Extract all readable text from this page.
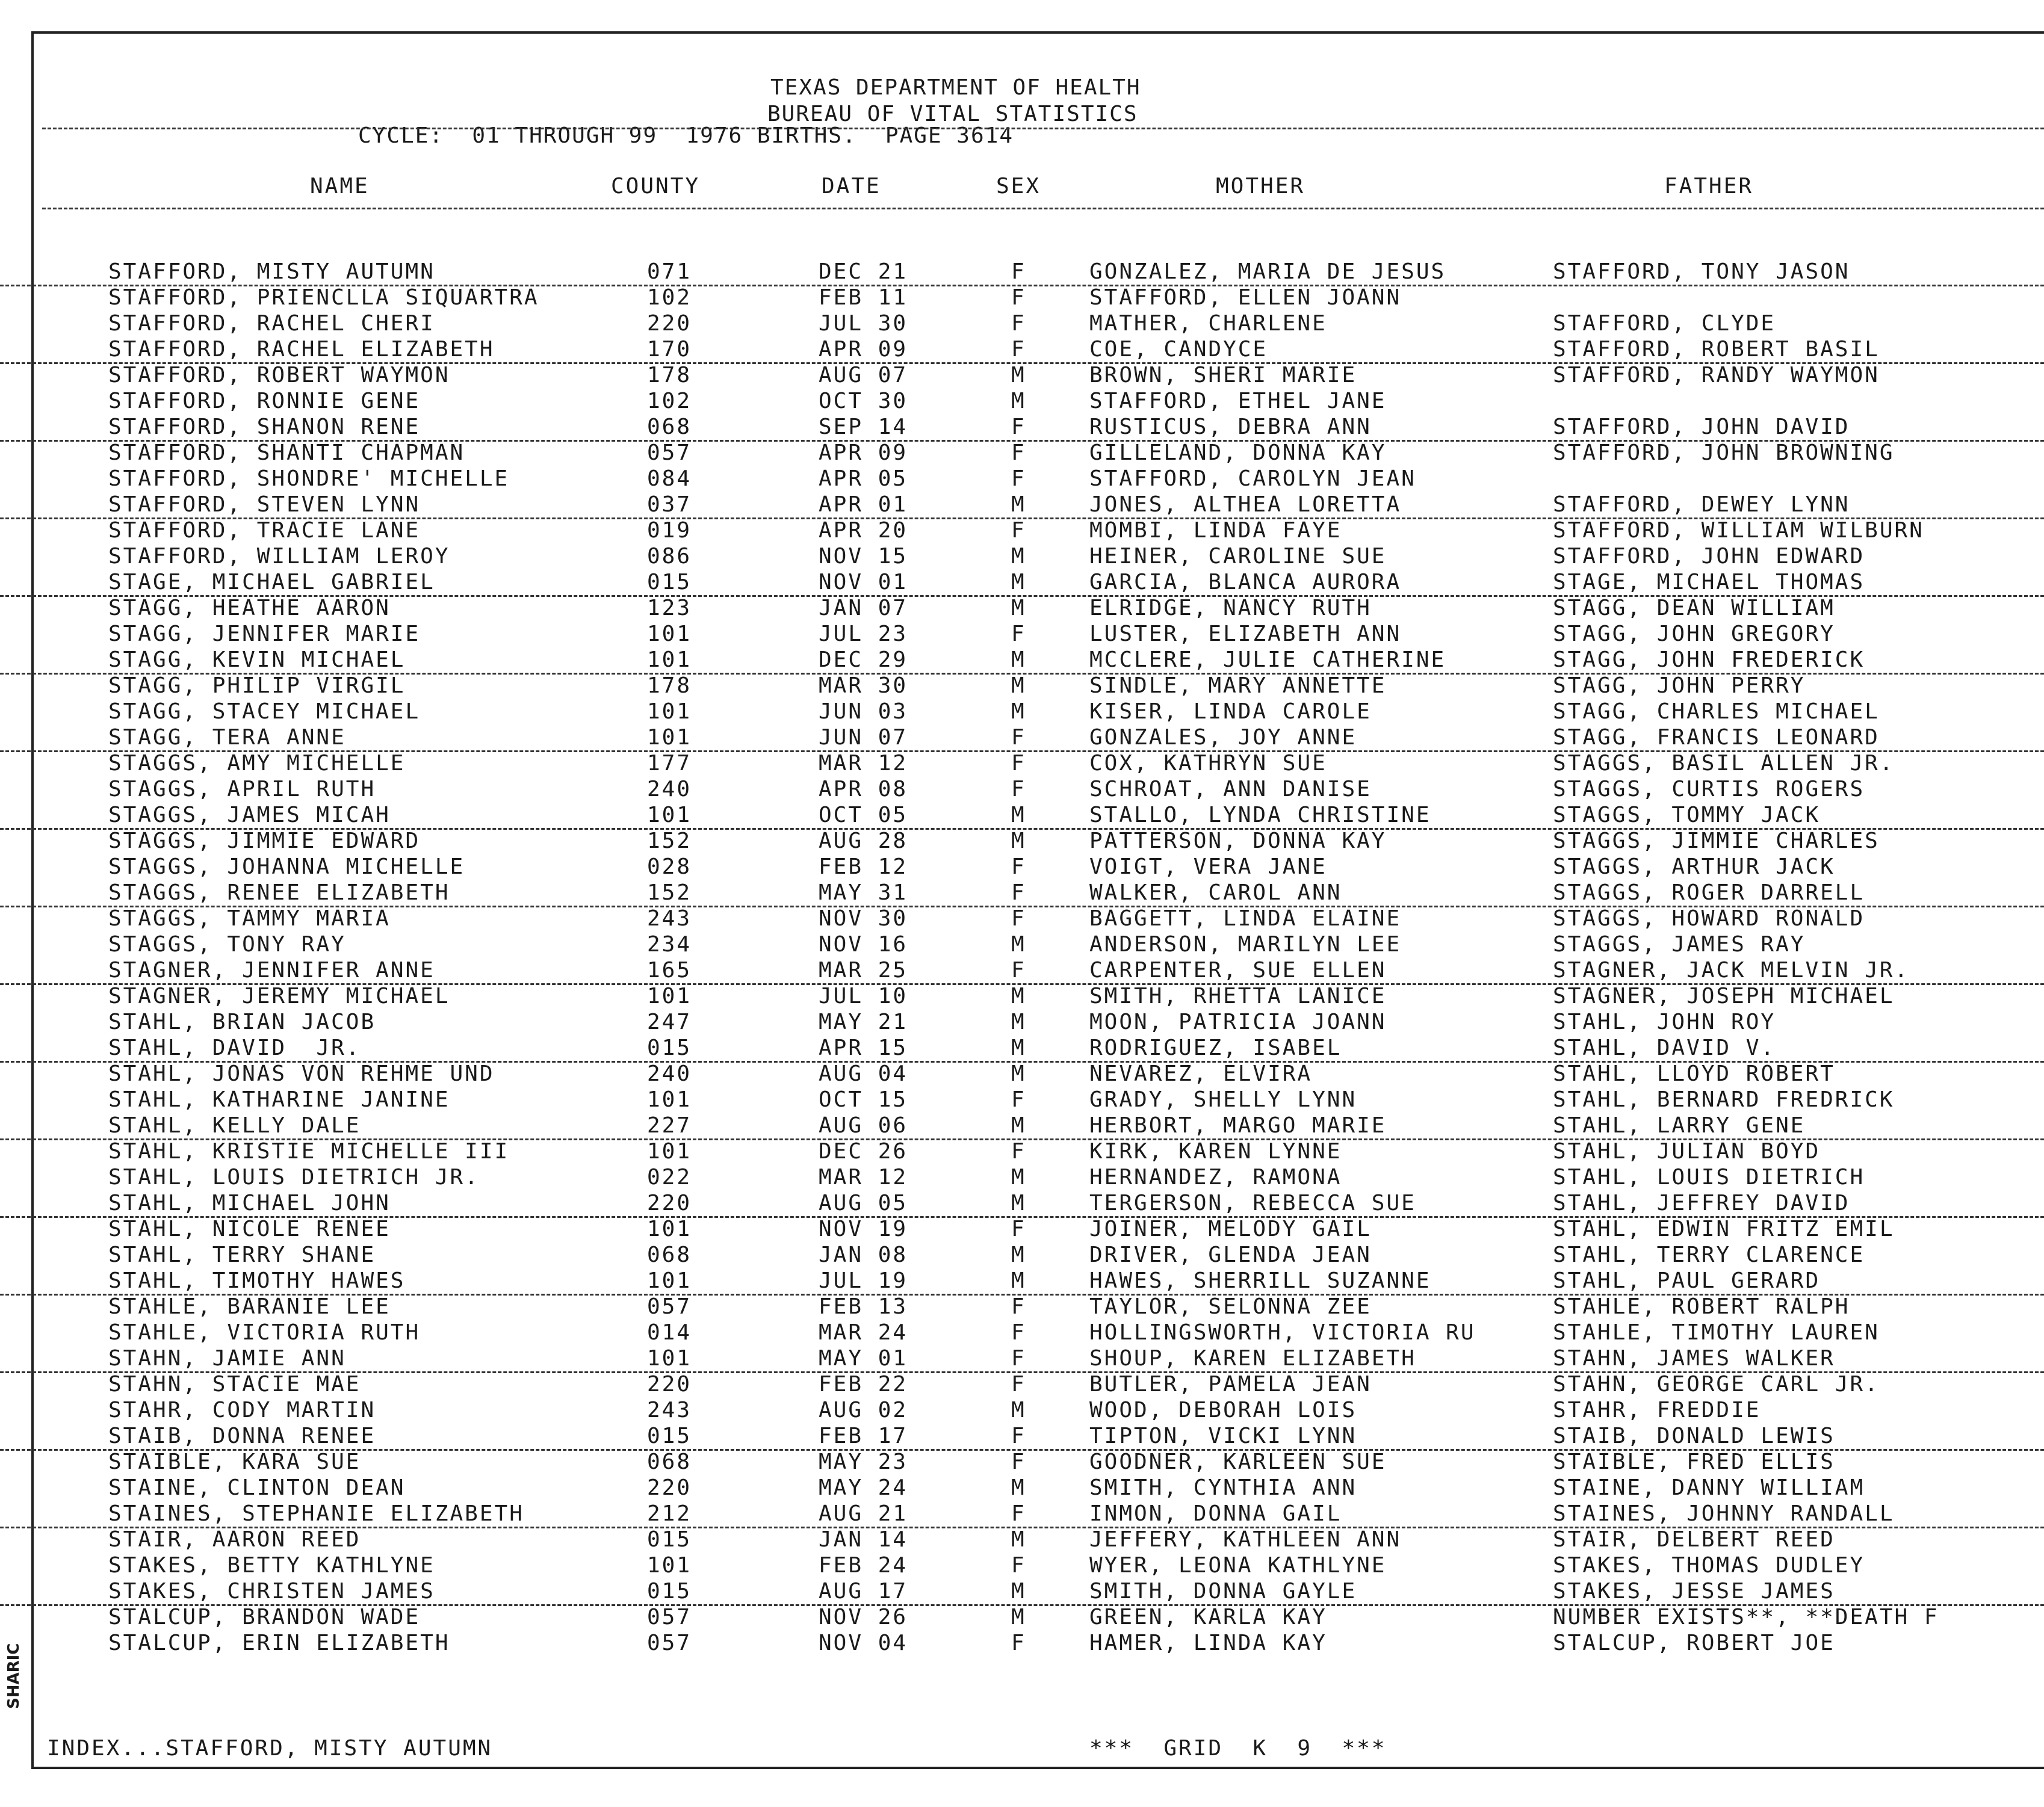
TEXAS DEPARTMENT OF HEALTH
BUREAU OF VITAL STATISTICS
CYCLE:  01 THROUGH 99  1976 BIRTHS.  PAGE 3614
NAME	COUNTY	DATE	SEX	MOTHER	FATHER
STAFFORD, MISTY AUTUMN	071	DEC 21	F	GONZALEZ, MARIA DE JESUS	STAFFORD, TONY JASON
STAFFORD, PRIENCLLA SIQUARTRA	102	FEB 11	F	STAFFORD, ELLEN JOANN
STAFFORD, RACHEL CHERI	220	JUL 30	F	MATHER, CHARLENE	STAFFORD, CLYDE
STAFFORD, RACHEL ELIZABETH	170	APR 09	F	COE, CANDYCE	STAFFORD, ROBERT BASIL
STAFFORD, ROBERT WAYMON	178	AUG 07	M	BROWN, SHERI MARIE	STAFFORD, RANDY WAYMON
STAFFORD, RONNIE GENE	102	OCT 30	M	STAFFORD, ETHEL JANE
STAFFORD, SHANON RENE	068	SEP 14	F	RUSTICUS, DEBRA ANN	STAFFORD, JOHN DAVID
STAFFORD, SHANTI CHAPMAN	057	APR 09	F	GILLELAND, DONNA KAY	STAFFORD, JOHN BROWNING
STAFFORD, SHONDRE' MICHELLE	084	APR 05	F	STAFFORD, CAROLYN JEAN
STAFFORD, STEVEN LYNN	037	APR 01	M	JONES, ALTHEA LORETTA	STAFFORD, DEWEY LYNN
STAFFORD, TRACIE LANE	019	APR 20	F	MOMBI, LINDA FAYE	STAFFORD, WILLIAM WILBURN
STAFFORD, WILLIAM LEROY	086	NOV 15	M	HEINER, CAROLINE SUE	STAFFORD, JOHN EDWARD
STAGE, MICHAEL GABRIEL	015	NOV 01	M	GARCIA, BLANCA AURORA	STAGE, MICHAEL THOMAS
STAGG, HEATHE AARON	123	JAN 07	M	ELRIDGE, NANCY RUTH	STAGG, DEAN WILLIAM
STAGG, JENNIFER MARIE	101	JUL 23	F	LUSTER, ELIZABETH ANN	STAGG, JOHN GREGORY
STAGG, KEVIN MICHAEL	101	DEC 29	M	MCCLERE, JULIE CATHERINE	STAGG, JOHN FREDERICK
STAGG, PHILIP VIRGIL	178	MAR 30	M	SINDLE, MARY ANNETTE	STAGG, JOHN PERRY
STAGG, STACEY MICHAEL	101	JUN 03	M	KISER, LINDA CAROLE	STAGG, CHARLES MICHAEL
STAGG, TERA ANNE	101	JUN 07	F	GONZALES, JOY ANNE	STAGG, FRANCIS LEONARD
STAGGS, AMY MICHELLE	177	MAR 12	F	COX, KATHRYN SUE	STAGGS, BASIL ALLEN JR.
STAGGS, APRIL RUTH	240	APR 08	F	SCHROAT, ANN DANISE	STAGGS, CURTIS ROGERS
STAGGS, JAMES MICAH	101	OCT 05	M	STALLO, LYNDA CHRISTINE	STAGGS, TOMMY JACK
STAGGS, JIMMIE EDWARD	152	AUG 28	M	PATTERSON, DONNA KAY	STAGGS, JIMMIE CHARLES
STAGGS, JOHANNA MICHELLE	028	FEB 12	F	VOIGT, VERA JANE	STAGGS, ARTHUR JACK
STAGGS, RENEE ELIZABETH	152	MAY 31	F	WALKER, CAROL ANN	STAGGS, ROGER DARRELL
STAGGS, TAMMY MARIA	243	NOV 30	F	BAGGETT, LINDA ELAINE	STAGGS, HOWARD RONALD
STAGGS, TONY RAY	234	NOV 16	M	ANDERSON, MARILYN LEE	STAGGS, JAMES RAY
STAGNER, JENNIFER ANNE	165	MAR 25	F	CARPENTER, SUE ELLEN	STAGNER, JACK MELVIN JR.
STAGNER, JEREMY MICHAEL	101	JUL 10	M	SMITH, RHETTA LANICE	STAGNER, JOSEPH MICHAEL
STAHL, BRIAN JACOB	247	MAY 21	M	MOON, PATRICIA JOANN	STAHL, JOHN ROY
STAHL, DAVID  JR.	015	APR 15	M	RODRIGUEZ, ISABEL	STAHL, DAVID V.
STAHL, JONAS VON REHME UND	240	AUG 04	M	NEVAREZ, ELVIRA	STAHL, LLOYD ROBERT
STAHL, KATHARINE JANINE	101	OCT 15	F	GRADY, SHELLY LYNN	STAHL, BERNARD FREDRICK
STAHL, KELLY DALE	227	AUG 06	M	HERBORT, MARGO MARIE	STAHL, LARRY GENE
STAHL, KRISTIE MICHELLE III	101	DEC 26	F	KIRK, KAREN LYNNE	STAHL, JULIAN BOYD
STAHL, LOUIS DIETRICH JR.	022	MAR 12	M	HERNANDEZ, RAMONA	STAHL, LOUIS DIETRICH
STAHL, MICHAEL JOHN	220	AUG 05	M	TERGERSON, REBECCA SUE	STAHL, JEFFREY DAVID
STAHL, NICOLE RENEE	101	NOV 19	F	JOINER, MELODY GAIL	STAHL, EDWIN FRITZ EMIL
STAHL, TERRY SHANE	068	JAN 08	M	DRIVER, GLENDA JEAN	STAHL, TERRY CLARENCE
STAHL, TIMOTHY HAWES	101	JUL 19	M	HAWES, SHERRILL SUZANNE	STAHL, PAUL GERARD
STAHLE, BARANIE LEE	057	FEB 13	F	TAYLOR, SELONNA ZEE	STAHLE, ROBERT RALPH
STAHLE, VICTORIA RUTH	014	MAR 24	F	HOLLINGSWORTH, VICTORIA RU	STAHLE, TIMOTHY LAUREN
STAHN, JAMIE ANN	101	MAY 01	F	SHOUP, KAREN ELIZABETH	STAHN, JAMES WALKER
STAHN, STACIE MAE	220	FEB 22	F	BUTLER, PAMELA JEAN	STAHN, GEORGE CARL JR.
STAHR, CODY MARTIN	243	AUG 02	M	WOOD, DEBORAH LOIS	STAHR, FREDDIE
STAIB, DONNA RENEE	015	FEB 17	F	TIPTON, VICKI LYNN	STAIB, DONALD LEWIS
STAIBLE, KARA SUE	068	MAY 23	F	GOODNER, KARLEEN SUE	STAIBLE, FRED ELLIS
STAINE, CLINTON DEAN	220	MAY 24	M	SMITH, CYNTHIA ANN	STAINE, DANNY WILLIAM
STAINES, STEPHANIE ELIZABETH	212	AUG 21	F	INMON, DONNA GAIL	STAINES, JOHNNY RANDALL
STAIR, AARON REED	015	JAN 14	M	JEFFERY, KATHLEEN ANN	STAIR, DELBERT REED
STAKES, BETTY KATHLYNE	101	FEB 24	F	WYER, LEONA KATHLYNE	STAKES, THOMAS DUDLEY
STAKES, CHRISTEN JAMES	015	AUG 17	M	SMITH, DONNA GAYLE	STAKES, JESSE JAMES
STALCUP, BRANDON WADE	057	NOV 26	M	GREEN, KARLA KAY	NUMBER EXISTS**, **DEATH F
STALCUP, ERIN ELIZABETH	057	NOV 04	F	HAMER, LINDA KAY	STALCUP, ROBERT JOE
SHARIC
INDEX...STAFFORD, MISTY AUTUMN	***  GRID  K  9  ***
